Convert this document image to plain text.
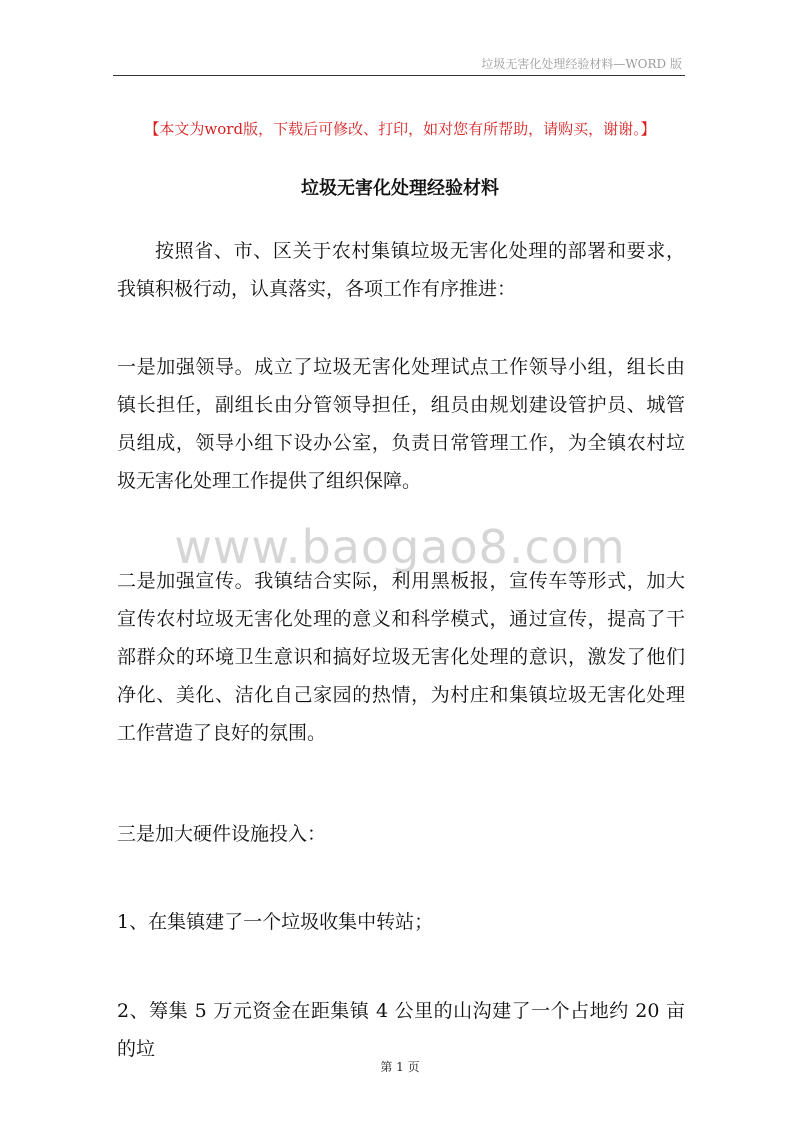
垃圾无害化处理经验材料—WORD 版
【本文为word版，下载后可修改、打印，如对您有所帮助，请购买，谢谢。】
垃圾无害化处理经验材料
按照省、市、区关于农村集镇垃圾无害化处理的部署和要求，我镇积极行动，认真落实，各项工作有序推进：
一是加强领导。成立了垃圾无害化处理试点工作领导小组，组长由镇长担任，副组长由分管领导担任，组员由规划建设管护员、城管员组成，领导小组下设办公室，负责日常管理工作，为全镇农村垃圾无害化处理工作提供了组织保障。
www.baogao8.com
二是加强宣传。我镇结合实际，利用黑板报，宣传车等形式，加大宣传农村垃圾无害化处理的意义和科学模式，通过宣传，提高了干部群众的环境卫生意识和搞好垃圾无害化处理的意识，激发了他们净化、美化、洁化自己家园的热情，为村庄和集镇垃圾无害化处理工作营造了良好的氛围。
三是加大硬件设施投入：
1、在集镇建了一个垃圾收集中转站；
2、筹集 5 万元资金在距集镇 4 公里的山沟建了一个占地约 20 亩的垃
第 1 页
